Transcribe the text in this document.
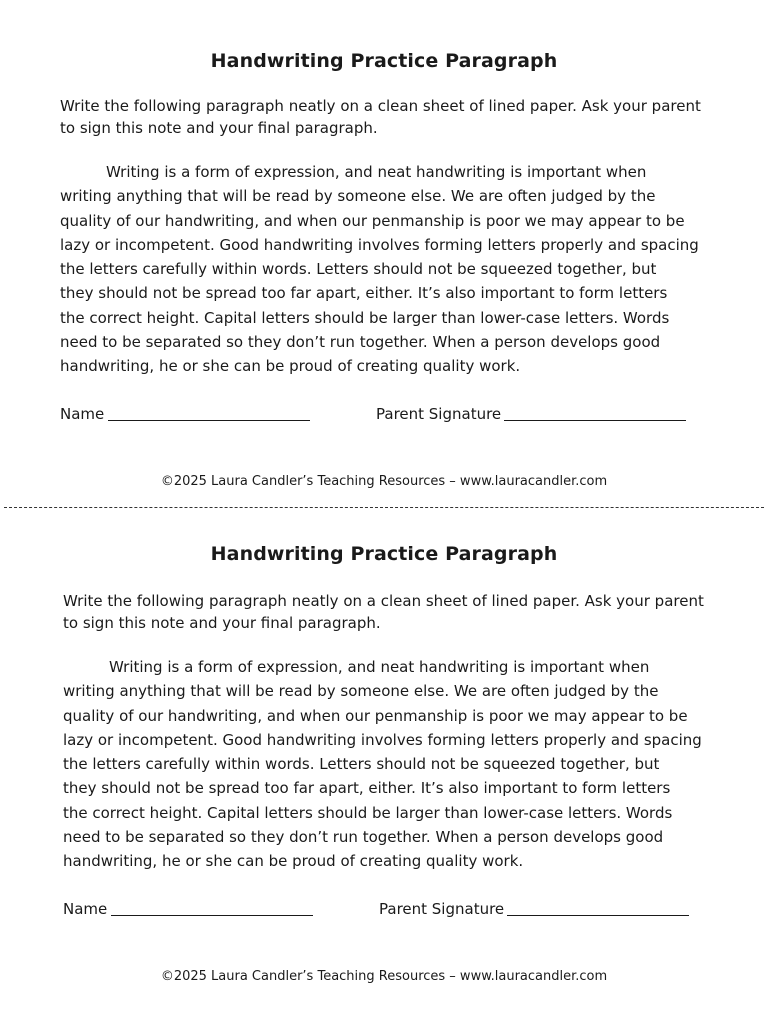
Handwriting Practice Paragraph
Write the following paragraph neatly on a clean sheet of lined paper. Ask your parent
to sign this note and your final paragraph.
Writing is a form of expression, and neat handwriting is important when
writing anything that will be read by someone else. We are often judged by the
quality of our handwriting, and when our penmanship is poor we may appear to be
lazy or incompetent. Good handwriting involves forming letters properly and spacing
the letters carefully within words. Letters should not be squeezed together, but
they should not be spread too far apart, either. It’s also important to form letters
the correct height. Capital letters should be larger than lower-case letters. Words
need to be separated so they don’t run together. When a person develops good
handwriting, he or she can be proud of creating quality work.
Name	Parent Signature
©2025 Laura Candler’s Teaching Resources – www.lauracandler.com
Handwriting Practice Paragraph
Write the following paragraph neatly on a clean sheet of lined paper. Ask your parent
to sign this note and your final paragraph.
Writing is a form of expression, and neat handwriting is important when
writing anything that will be read by someone else. We are often judged by the
quality of our handwriting, and when our penmanship is poor we may appear to be
lazy or incompetent. Good handwriting involves forming letters properly and spacing
the letters carefully within words. Letters should not be squeezed together, but
they should not be spread too far apart, either. It’s also important to form letters
the correct height. Capital letters should be larger than lower-case letters. Words
need to be separated so they don’t run together. When a person develops good
handwriting, he or she can be proud of creating quality work.
Name	Parent Signature
©2025 Laura Candler’s Teaching Resources – www.lauracandler.com
